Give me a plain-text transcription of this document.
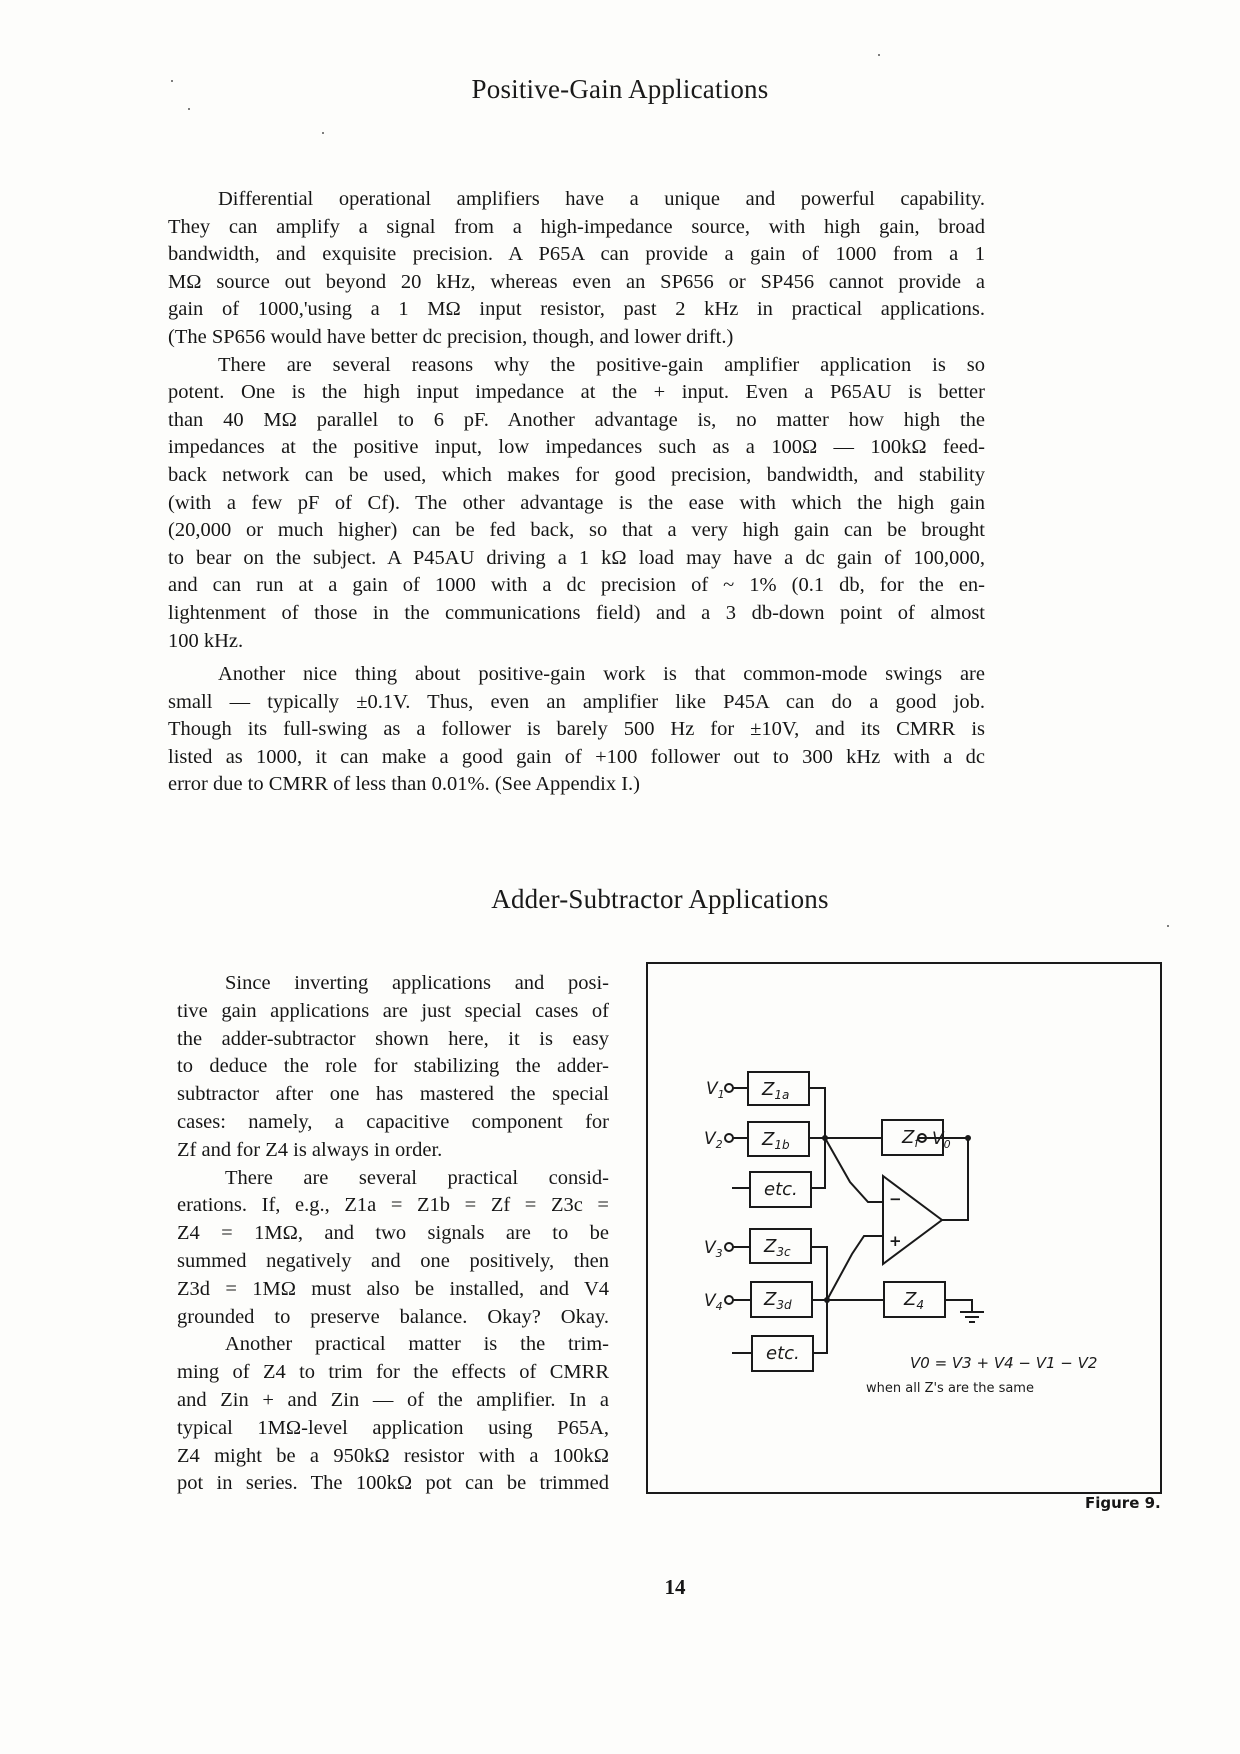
Positive-Gain Applications
Differential operational amplifiers have a unique and powerful capability.
They can amplify a signal from a high-impedance source, with high gain, broad
bandwidth, and exquisite precision. A P65A can provide a gain of 1000 from a 1
MΩ source out beyond 20 kHz, whereas even an SP656 or SP456 cannot provide a
gain of 1000,'using a 1 MΩ input resistor, past 2 kHz in practical applications.
(The SP656 would have better dc precision, though, and lower drift.)
There are several reasons why the positive-gain amplifier application is so
potent. One is the high input impedance at the + input. Even a P65AU is better
than 40 MΩ parallel to 6 pF. Another advantage is, no matter how high the
impedances at the positive input, low impedances such as a 100Ω — 100kΩ feed-
back network can be used, which makes for good precision, bandwidth, and stability
(with a few pF of Cf). The other advantage is the ease with which the high gain
(20,000 or much higher) can be fed back, so that a very high gain can be brought
to bear on the subject. A P45AU driving a 1 kΩ load may have a dc gain of 100,000,
and can run at a gain of 1000 with a dc precision of ~ 1% (0.1 db, for the en-
lightenment of those in the communications field) and a 3 db-down point of almost
100 kHz.
Another nice thing about positive-gain work is that common-mode swings are
small — typically ±0.1V. Thus, even an amplifier like P45A can do a good job.
Though its full-swing as a follower is barely 500 Hz for ±10V, and its CMRR is
listed as 1000, it can make a good gain of +100 follower out to 300 kHz with a dc
error due to CMRR of less than 0.01%. (See Appendix I.)
Adder-Subtractor Applications
Since inverting applications and posi-
tive gain applications are just special cases of
the adder-subtractor shown here, it is easy
to deduce the role for stabilizing the adder-
subtractor after one has mastered the special
cases: namely, a capacitive component for
Zf and for Z4 is always in order.
There are several practical consid-
erations. If, e.g., Z1a = Z1b = Zf = Z3c =
Z4 = 1MΩ, and two signals are to be
summed negatively and one positively, then
Z3d = 1MΩ must also be installed, and V4
grounded to preserve balance. Okay? Okay.
Another practical matter is the trim-
ming of Z4 to trim for the effects of CMRR
and Zin + and Zin — of the amplifier. In a
typical 1MΩ-level application using P65A,
Z4 might be a 950kΩ resistor with a 100kΩ
pot in series. The 100kΩ pot can be trimmed
$V_1$
$V_2$
$V_3$
$V_4$
$V_0$
$Z_{1a}$
$Z_{1b}$
etc.
$Z_{3c}$
$Z_{3d}$
etc.
$Z_f$
$Z_4$
−
+
V0 = V3 + V4 − V1 − V2
when all Z's are the same
Figure 9.
14
